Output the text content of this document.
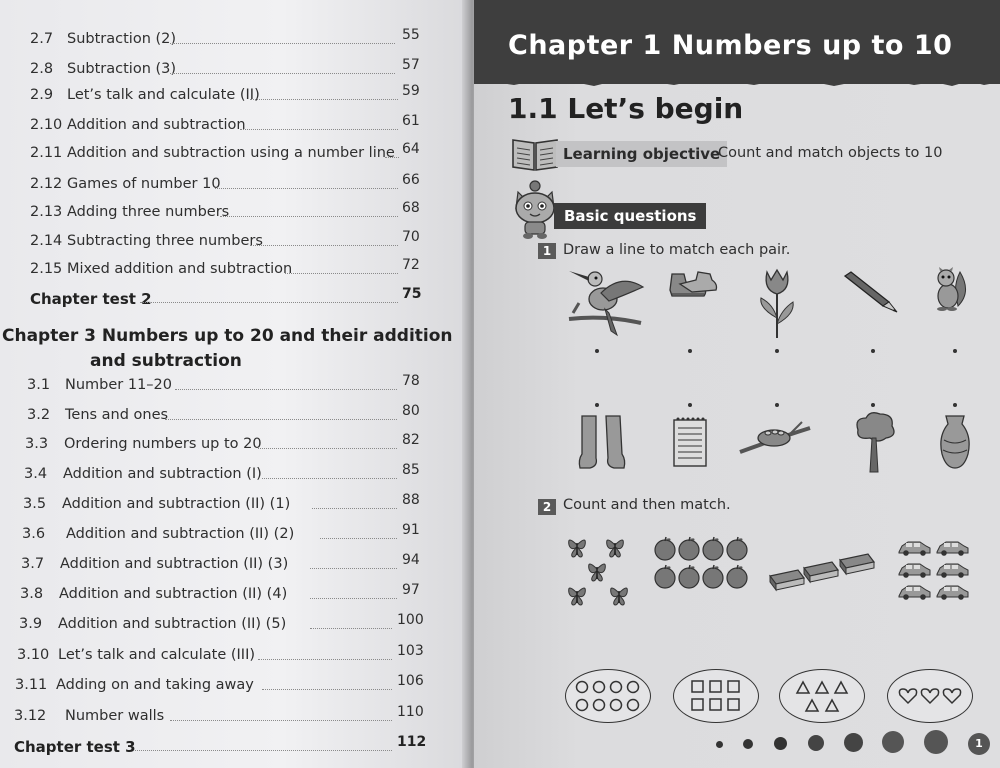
2.7 Subtraction (2)	55
2.8 Subtraction (3)	57
2.9 Let’s talk and calculate (II)	59
2.10 Addition and subtraction	61
2.11 Addition and subtraction using a number line 64
2.12 Games of number 10	66
2.13 Adding three numbers	68
2.14 Subtracting three numbers	70
2.15 Mixed addition and subtraction	72
Chapter test 2	75
Chapter 3 Numbers up to 20 and their addition
and subtraction
3.1 Number 11–20	78
3.2 Tens and ones	80
3.3 Ordering numbers up to 20	82
3.4 Addition and subtraction (I)	85
3.5 Addition and subtraction (II) (1)	88
3.6 Addition and subtraction (II) (2)	91
3.7 Addition and subtraction (II) (3)	94
3.8 Addition and subtraction (II) (4)	97
3.9 Addition and subtraction (II) (5)	100
3.10 Let’s talk and calculate (III)	103
3.11 Adding on and taking away	106
3.12 Number walls	110
Chapter test 3	112
Chapter 1 Numbers up to 10
1.1 Let’s begin
Learning objective
Count and match objects to 10
Basic questions
1 Draw a line to match each pair.
2 Count and then match.
1
